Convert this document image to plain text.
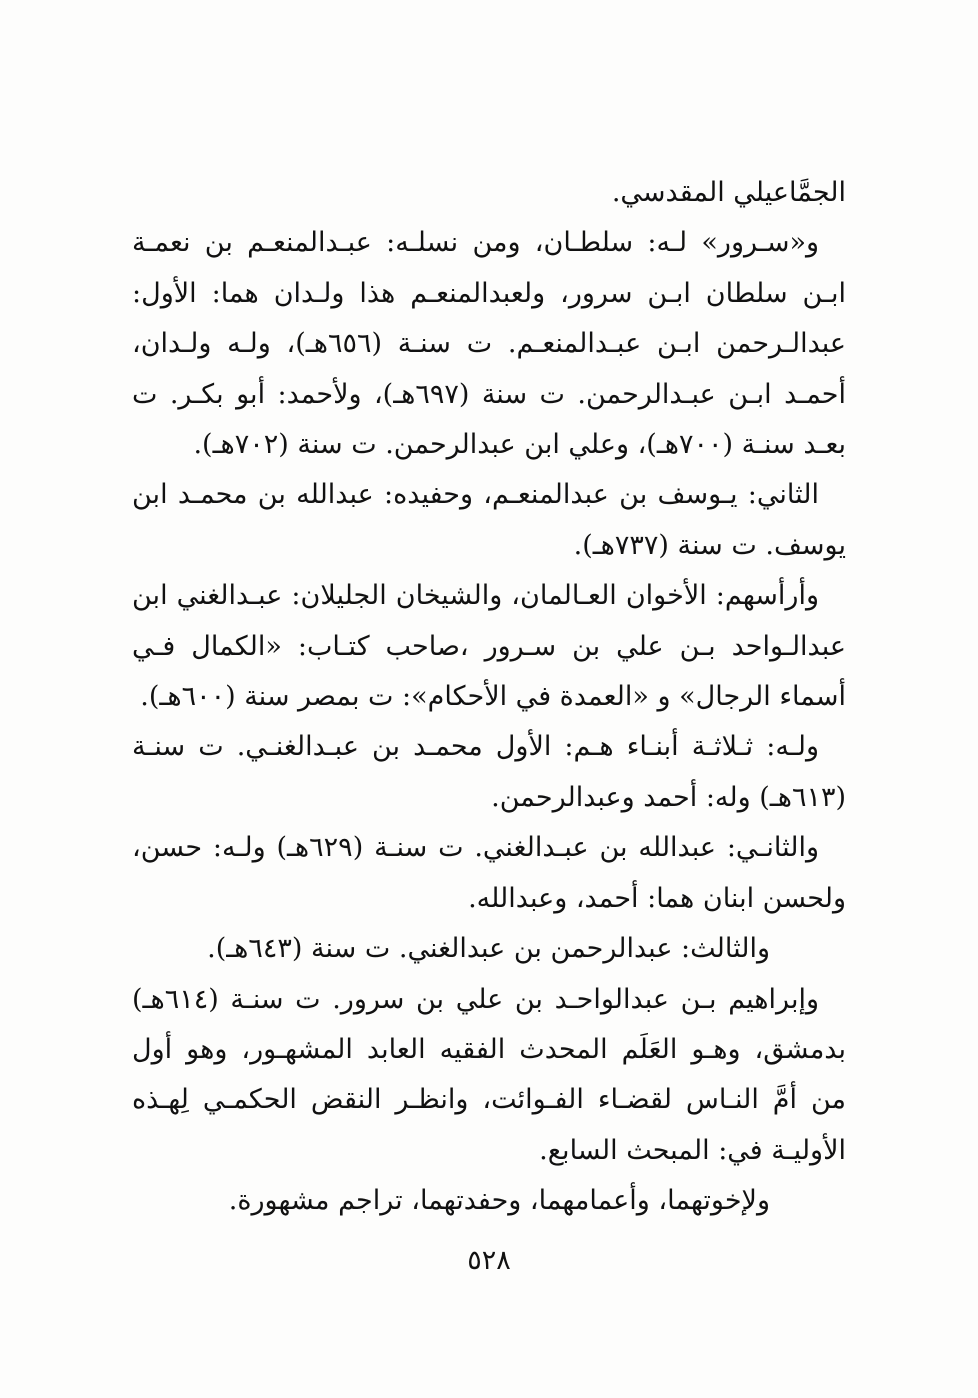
الجمَّاعيلي المقدسي.

و«سـرور» لـه: سلطـان، ومن نسلـه: عبـدالمنعـم بن نعمـة ابـن سلطان ابـن سرور، ولعبدالمنعـم هذا ولـدان هما: الأول: عبدالـرحمن ابـن عبـدالمنعـم. ت سنـة (٦٥٦هـ)، ولـه ولـدان، أحمـد ابـن عبـدالرحمن. ت سنة (٦٩٧هـ)، ولأحمد: أبو بكـر. ت بعـد سنـة (٧٠٠هـ)، وعلي ابن عبدالرحمن. ت سنة (٧٠٢هـ).

الثاني: يـوسف بن عبدالمنعـم، وحفيده: عبدالله بن محمـد ابن يوسف. ت سنة (٧٣٧هـ).

وأرأسهم: الأخوان العـالمان، والشيخان الجليلان: عبـدالغني ابن عبدالـواحد بـن علي بن سـرور ،صاحب كتـاب: «الكمال فـي أسماء الرجال» و «العمدة في الأحكام»: ت بمصر سنة (٦٠٠هـ).

ولـه: ثـلاثـة أبنـاء هـم: الأول محمـد بن عبـدالغنـي. ت سنـة (٦١٣هـ) وله: أحمد وعبدالرحمن.

والثانـي: عبدالله بن عبـدالغني. ت سنـة (٦٢٩هـ) ولـه: حسن، ولحسن ابنان هما: أحمد، وعبدالله.

والثالث: عبدالرحمن بن عبدالغني. ت سنة (٦٤٣هـ).

وإبراهيم بـن عبدالواحـد بن علي بن سرور. ت سنـة (٦١٤هـ) بدمشق، وهـو العَلَم المحدث الفقيه العابد المشهـور، وهو أول من أمَّ النـاس لقضـاء الفـوائت، وانظـر النقض الحكمـي لِهـذه الأوليـة في: المبحث السابع.

ولإخوتهما، وأعمامهما، وحفدتهما، تراجم مشهورة.

٥٢٨
